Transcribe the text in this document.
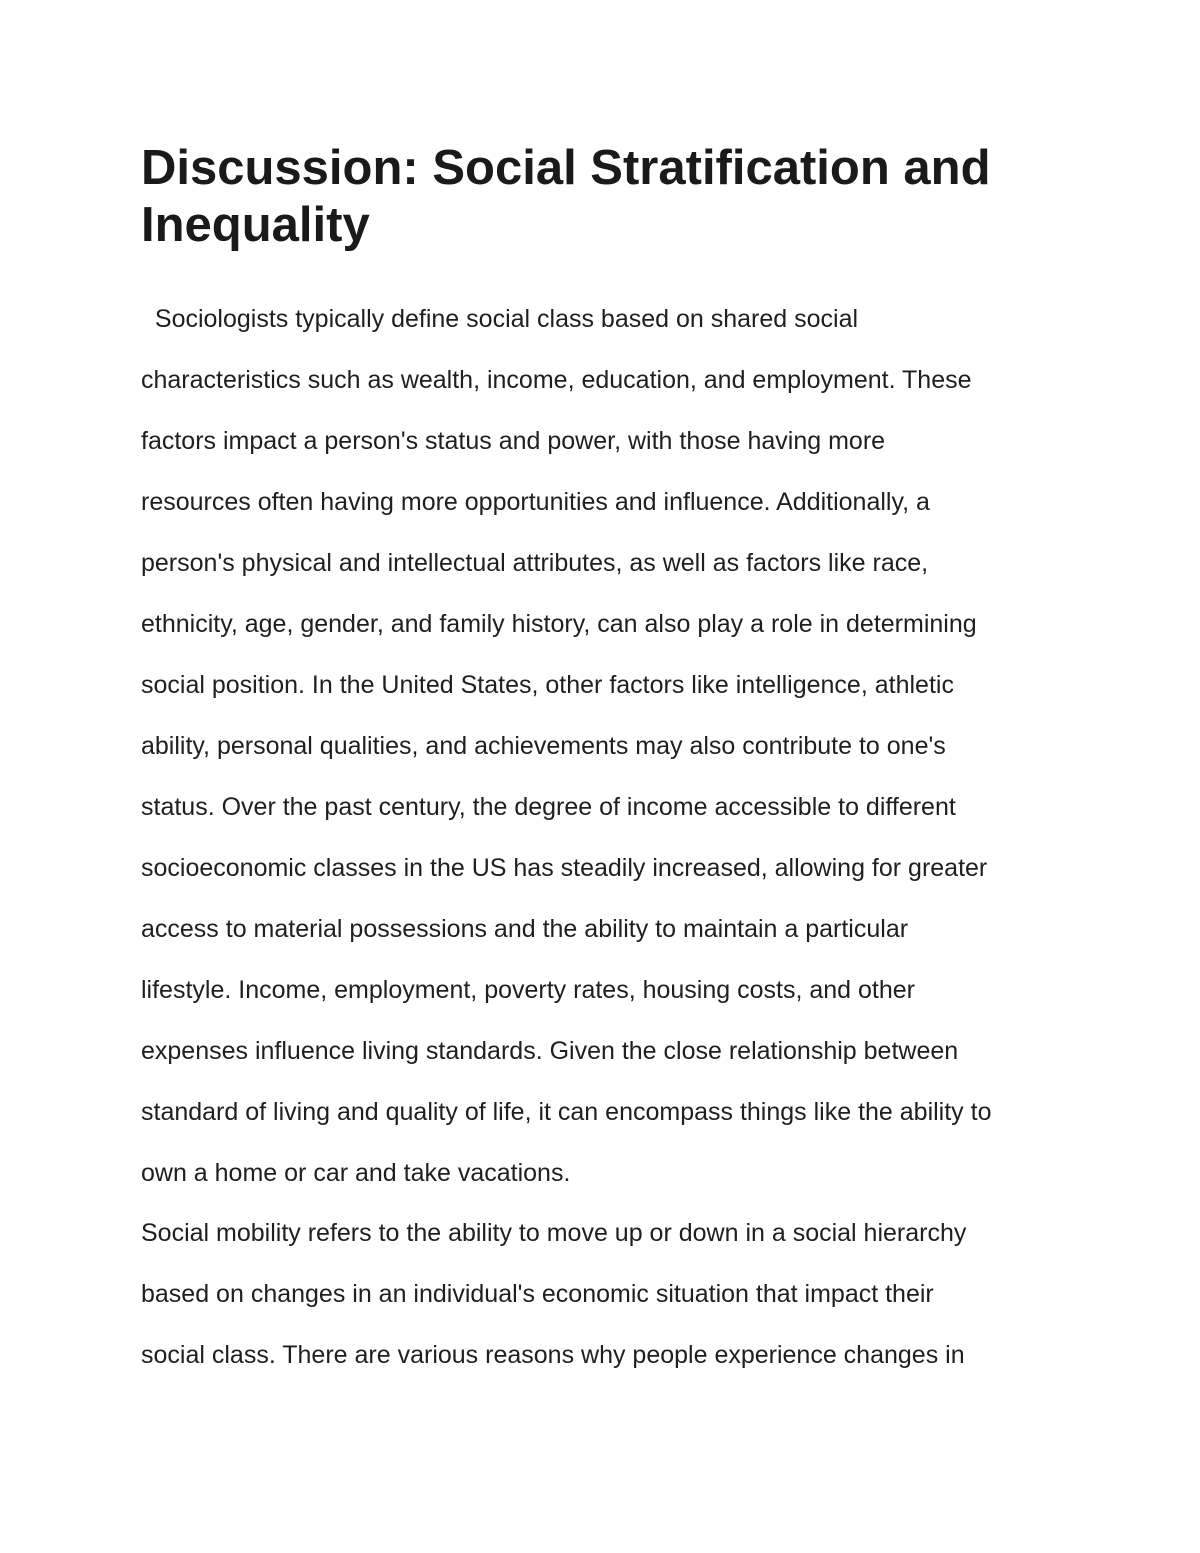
Discussion: Social Stratification and
Inequality
Sociologists typically define social class based on shared social
characteristics such as wealth, income, education, and employment. These
factors impact a person's status and power, with those having more
resources often having more opportunities and influence. Additionally, a
person's physical and intellectual attributes, as well as factors like race,
ethnicity, age, gender, and family history, can also play a role in determining
social position. In the United States, other factors like intelligence, athletic
ability, personal qualities, and achievements may also contribute to one's
status. Over the past century, the degree of income accessible to different
socioeconomic classes in the US has steadily increased, allowing for greater
access to material possessions and the ability to maintain a particular
lifestyle. Income, employment, poverty rates, housing costs, and other
expenses influence living standards. Given the close relationship between
standard of living and quality of life, it can encompass things like the ability to
own a home or car and take vacations.
Social mobility refers to the ability to move up or down in a social hierarchy
based on changes in an individual's economic situation that impact their
social class. There are various reasons why people experience changes in
